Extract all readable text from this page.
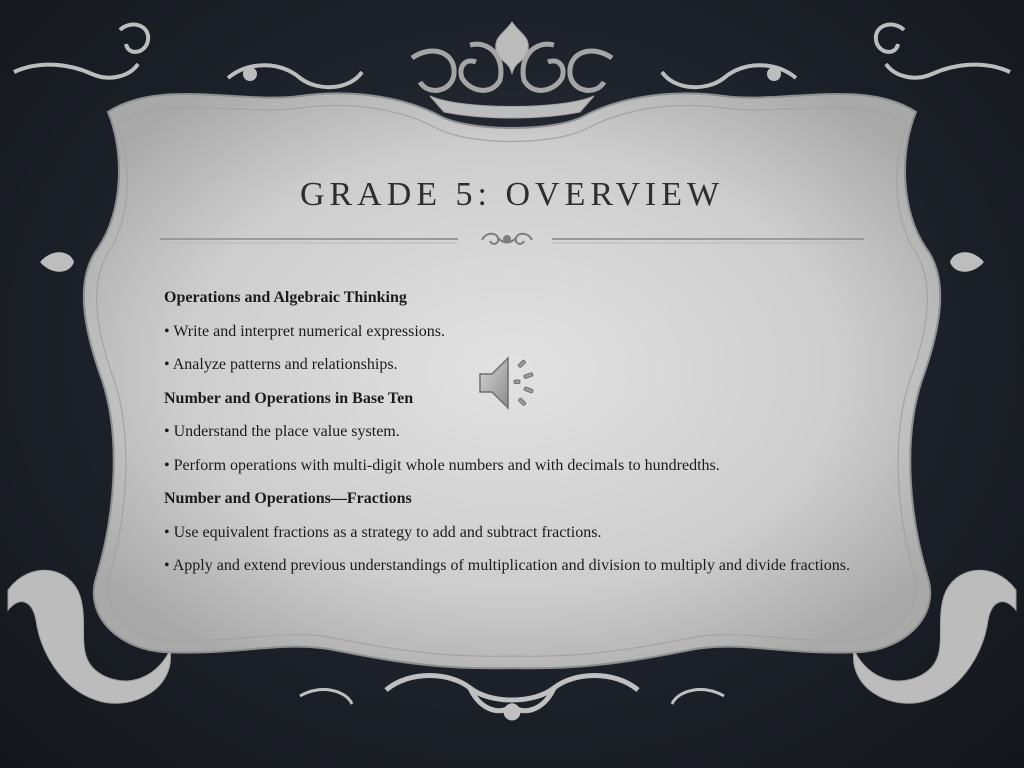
GRADE 5: OVERVIEW

Operations and Algebraic Thinking

• Write and interpret numerical expressions.

• Analyze patterns and relationships.

Number and Operations in Base Ten

• Understand the place value system.

• Perform operations with multi-digit whole numbers and with decimals to hundredths.

Number and Operations—Fractions

• Use equivalent fractions as a strategy to add and subtract fractions.

• Apply and extend previous understandings of multiplication and division to multiply and divide fractions.
